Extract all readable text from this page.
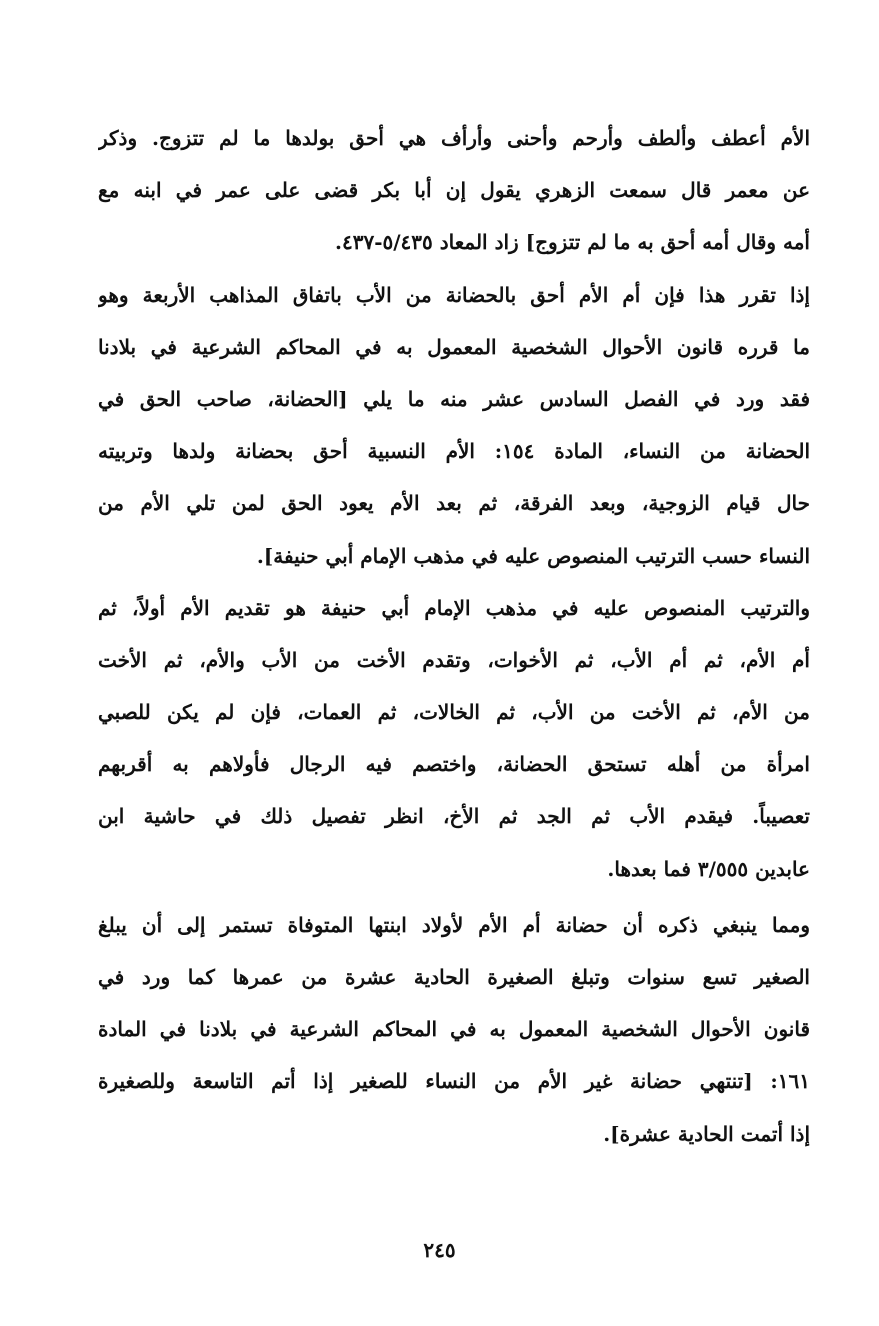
الأم أعطف وألطف وأرحم وأحنى وأرأف هي أحق بولدها ما لم تتزوج. وذكر
عن معمر قال سمعت الزهري يقول إن أبا بكر قضى على عمر في ابنه مع
أمه وقال أمه أحق به ما لم تتزوج] زاد المعاد ٥/٤٣٥-٤٣٧.
إذا تقرر هذا فإن أم الأم أحق بالحضانة من الأب باتفاق المذاهب الأربعة وهو
ما قرره قانون الأحوال الشخصية المعمول به في المحاكم الشرعية في بلادنا
فقد ورد في الفصل السادس عشر منه ما يلي [الحضانة، صاحب الحق في
الحضانة من النساء، المادة ١٥٤: الأم النسبية أحق بحضانة ولدها وتربيته
حال قيام الزوجية، وبعد الفرقة، ثم بعد الأم يعود الحق لمن تلي الأم من
النساء حسب الترتيب المنصوص عليه في مذهب الإمام أبي حنيفة].
والترتيب المنصوص عليه في مذهب الإمام أبي حنيفة هو تقديم الأم أولاً، ثم
أم الأم، ثم أم الأب، ثم الأخوات، وتقدم الأخت من الأب والأم، ثم الأخت
من الأم، ثم الأخت من الأب، ثم الخالات، ثم العمات، فإن لم يكن للصبي
امرأة من أهله تستحق الحضانة، واختصم فيه الرجال فأولاهم به أقربهم
تعصيباً. فيقدم الأب ثم الجد ثم الأخ، انظر تفصيل ذلك في حاشية ابن
عابدين ٣/٥٥٥ فما بعدها.
ومما ينبغي ذكره أن حضانة أم الأم لأولاد ابنتها المتوفاة تستمر إلى أن يبلغ
الصغير تسع سنوات وتبلغ الصغيرة الحادية عشرة من عمرها كما ورد في
قانون الأحوال الشخصية المعمول به في المحاكم الشرعية في بلادنا في المادة
١٦١: [تنتهي حضانة غير الأم من النساء للصغير إذا أتم التاسعة وللصغيرة
إذا أتمت الحادية عشرة].
٢٤٥
